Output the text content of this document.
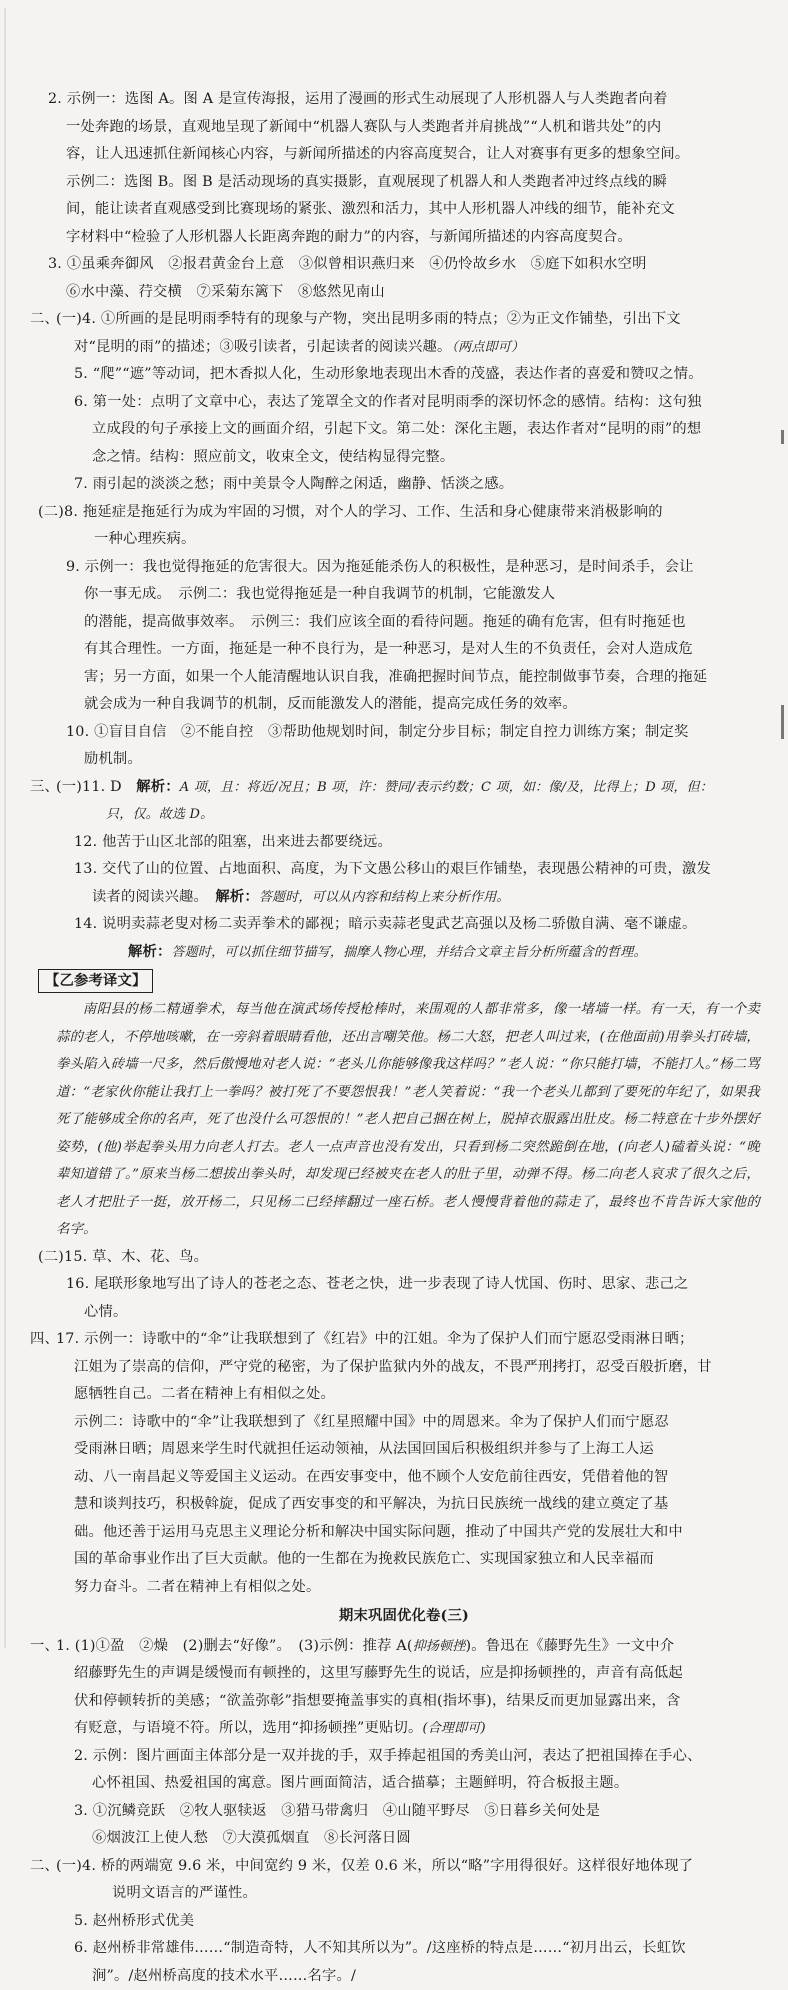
2. 示例一：选图 A。图 A 是宣传海报，运用了漫画的形式生动展现了人形机器人与人类跑者向着

一处奔跑的场景，直观地呈现了新闻中“机器人赛队与人类跑者并肩挑战”“人机和谐共处”的内

容，让人迅速抓住新闻核心内容，与新闻所描述的内容高度契合，让人对赛事有更多的想象空间。

示例二：选图 B。图 B 是活动现场的真实摄影，直观展现了机器人和人类跑者冲过终点线的瞬

间，能让读者直观感受到比赛现场的紧张、激烈和活力，其中人形机器人冲线的细节，能补充文

字材料中“检验了人形机器人长距离奔跑的耐力”的内容，与新闻所描述的内容高度契合。

3. ①虽乘奔御风　②报君黄金台上意　③似曾相识燕归来　④仍怜故乡水　⑤庭下如积水空明

⑥水中藻、荇交横　⑦采菊东篱下　⑧悠然见南山

二、

(一)4. ①所画的是昆明雨季特有的现象与产物，突出昆明多雨的特点；②为正文作铺垫，引出下文

对“昆明的雨”的描述；③吸引读者，引起读者的阅读兴趣。（两点即可）

5. “爬”“遮”等动词，把木香拟人化，生动形象地表现出木香的茂盛，表达作者的喜爱和赞叹之情。

6. 第一处：点明了文章中心，表达了笼罩全文的作者对昆明雨季的深切怀念的感情。结构：这句独

立成段的句子承接上文的画面介绍，引起下文。第二处：深化主题，表达作者对“昆明的雨”的想

念之情。结构：照应前文，收束全文，使结构显得完整。

7. 雨引起的淡淡之愁；雨中美景令人陶醉之闲适，幽静、恬淡之感。

(二)8. 拖延症是拖延行为成为牢固的习惯，对个人的学习、工作、生活和身心健康带来消极影响的

一种心理疾病。

9. 示例一：我也觉得拖延的危害很大。因为拖延能杀伤人的积极性，是种恶习，是时间杀手，会让

你一事无成。　示例二：我也觉得拖延是一种自我调节的机制，它能激发人

的潜能，提高做事效率。　示例三：我们应该全面的看待问题。拖延的确有危害，但有时拖延也

有其合理性。一方面，拖延是一种不良行为，是一种恶习，是对人生的不负责任，会对人造成危

害；另一方面，如果一个人能清醒地认识自我，准确把握时间节点，能控制做事节奏，合理的拖延

就会成为一种自我调节的机制，反而能激发人的潜能，提高完成任务的效率。

10. ①盲目自信　②不能自控　③帮助他规划时间，制定分步目标；制定自控力训练方案；制定奖

励机制。

三、

(一)11. D　解析：A 项，且：将近/况且；B 项，许：赞同/表示约数；C 项，如：像/及，比得上；D 项，但：

只，仅。故选 D。

12. 他苦于山区北部的阻塞，出来进去都要绕远。

13. 交代了山的位置、占地面积、高度，为下文愚公移山的艰巨作铺垫，表现愚公精神的可贵，激发

读者的阅读兴趣。　解析：答题时，可以从内容和结构上来分析作用。

14. 说明卖蒜老叟对杨二卖弄拳术的鄙视；暗示卖蒜老叟武艺高强以及杨二骄傲自满、毫不谦虚。

解析：答题时，可以抓住细节描写，揣摩人物心理，并结合文章主旨分析所蕴含的哲理。

【乙参考译文】

南阳县的杨二精通拳术，每当他在演武场传授枪棒时，来围观的人都非常多，像一堵墙一样。有一天，有一个卖蒜的老人，不停地咳嗽，在一旁斜着眼睛看他，还出言嘲笑他。杨二大怒，把老人叫过来，(在他面前)用拳头打砖墙，拳头陷入砖墙一尺多，然后傲慢地对老人说：“老头儿你能够像我这样吗？”老人说：“你只能打墙，不能打人。”杨二骂道：“老家伙你能让我打上一拳吗？被打死了不要怨恨我！”老人笑着说：“我一个老头儿都到了要死的年纪了，如果我死了能够成全你的名声，死了也没什么可怨恨的！”老人把自己捆在树上，脱掉衣服露出肚皮。杨二特意在十步外摆好姿势，(他)举起拳头用力向老人打去。老人一点声音也没有发出，只看到杨二突然跪倒在地，(向老人)磕着头说：“晚辈知道错了。”原来当杨二想拔出拳头时，却发现已经被夹在老人的肚子里，动弹不得。杨二向老人哀求了很久之后，老人才把肚子一挺，放开杨二，只见杨二已经摔翻过一座石桥。老人慢慢背着他的蒜走了，最终也不肯告诉大家他的名字。

(二)15. 草、木、花、鸟。

16. 尾联形象地写出了诗人的苍老之态、苍老之快，进一步表现了诗人忧国、伤时、思家、悲己之

心情。

四、

17. 示例一：诗歌中的“伞”让我联想到了《红岩》中的江姐。伞为了保护人们而宁愿忍受雨淋日晒；

江姐为了崇高的信仰，严守党的秘密，为了保护监狱内外的战友，不畏严刑拷打，忍受百般折磨，甘

愿牺牲自己。二者在精神上有相似之处。

示例二：诗歌中的“伞”让我联想到了《红星照耀中国》中的周恩来。伞为了保护人们而宁愿忍

受雨淋日晒；周恩来学生时代就担任运动领袖，从法国回国后积极组织并参与了上海工人运

动、八一南昌起义等爱国主义运动。在西安事变中，他不顾个人安危前往西安，凭借着他的智

慧和谈判技巧，积极斡旋，促成了西安事变的和平解决，为抗日民族统一战线的建立奠定了基

础。他还善于运用马克思主义理论分析和解决中国实际问题，推动了中国共产党的发展壮大和中

国的革命事业作出了巨大贡献。他的一生都在为挽救民族危亡、实现国家独立和人民幸福而

努力奋斗。二者在精神上有相似之处。

期末巩固优化卷(三)
一、

1. (1)①盈　②燥　(2)删去“好像”。　(3)示例：推荐 A(抑扬顿挫)。鲁迅在《藤野先生》一文中介

绍藤野先生的声调是缓慢而有顿挫的，这里写藤野先生的说话，应是抑扬顿挫的，声音有高低起

伏和停顿转折的美感；“欲盖弥彰”指想要掩盖事实的真相(指坏事)，结果反而更加显露出来，含

有贬意，与语境不符。所以，选用“抑扬顿挫”更贴切。(合理即可)

2. 示例：图片画面主体部分是一双并拢的手，双手捧起祖国的秀美山河，表达了把祖国捧在手心、

心怀祖国、热爱祖国的寓意。图片画面简洁，适合描摹；主题鲜明，符合板报主题。

3. ①沉鳞竞跃　②牧人驱犊返　③猎马带禽归　④山随平野尽　⑤日暮乡关何处是

⑥烟波江上使人愁　⑦大漠孤烟直　⑧长河落日圆

二、

(一)4. 桥的两端宽 9.6 米，中间宽约 9 米，仅差 0.6 米，所以“略”字用得很好。这样很好地体现了

说明文语言的严谨性。

5. 赵州桥形式优美

6. 赵州桥非常雄伟……“制造奇特，人不知其所以为”。/这座桥的特点是……“初月出云，长虹饮

涧”。/赵州桥高度的技术水平……名字。/
